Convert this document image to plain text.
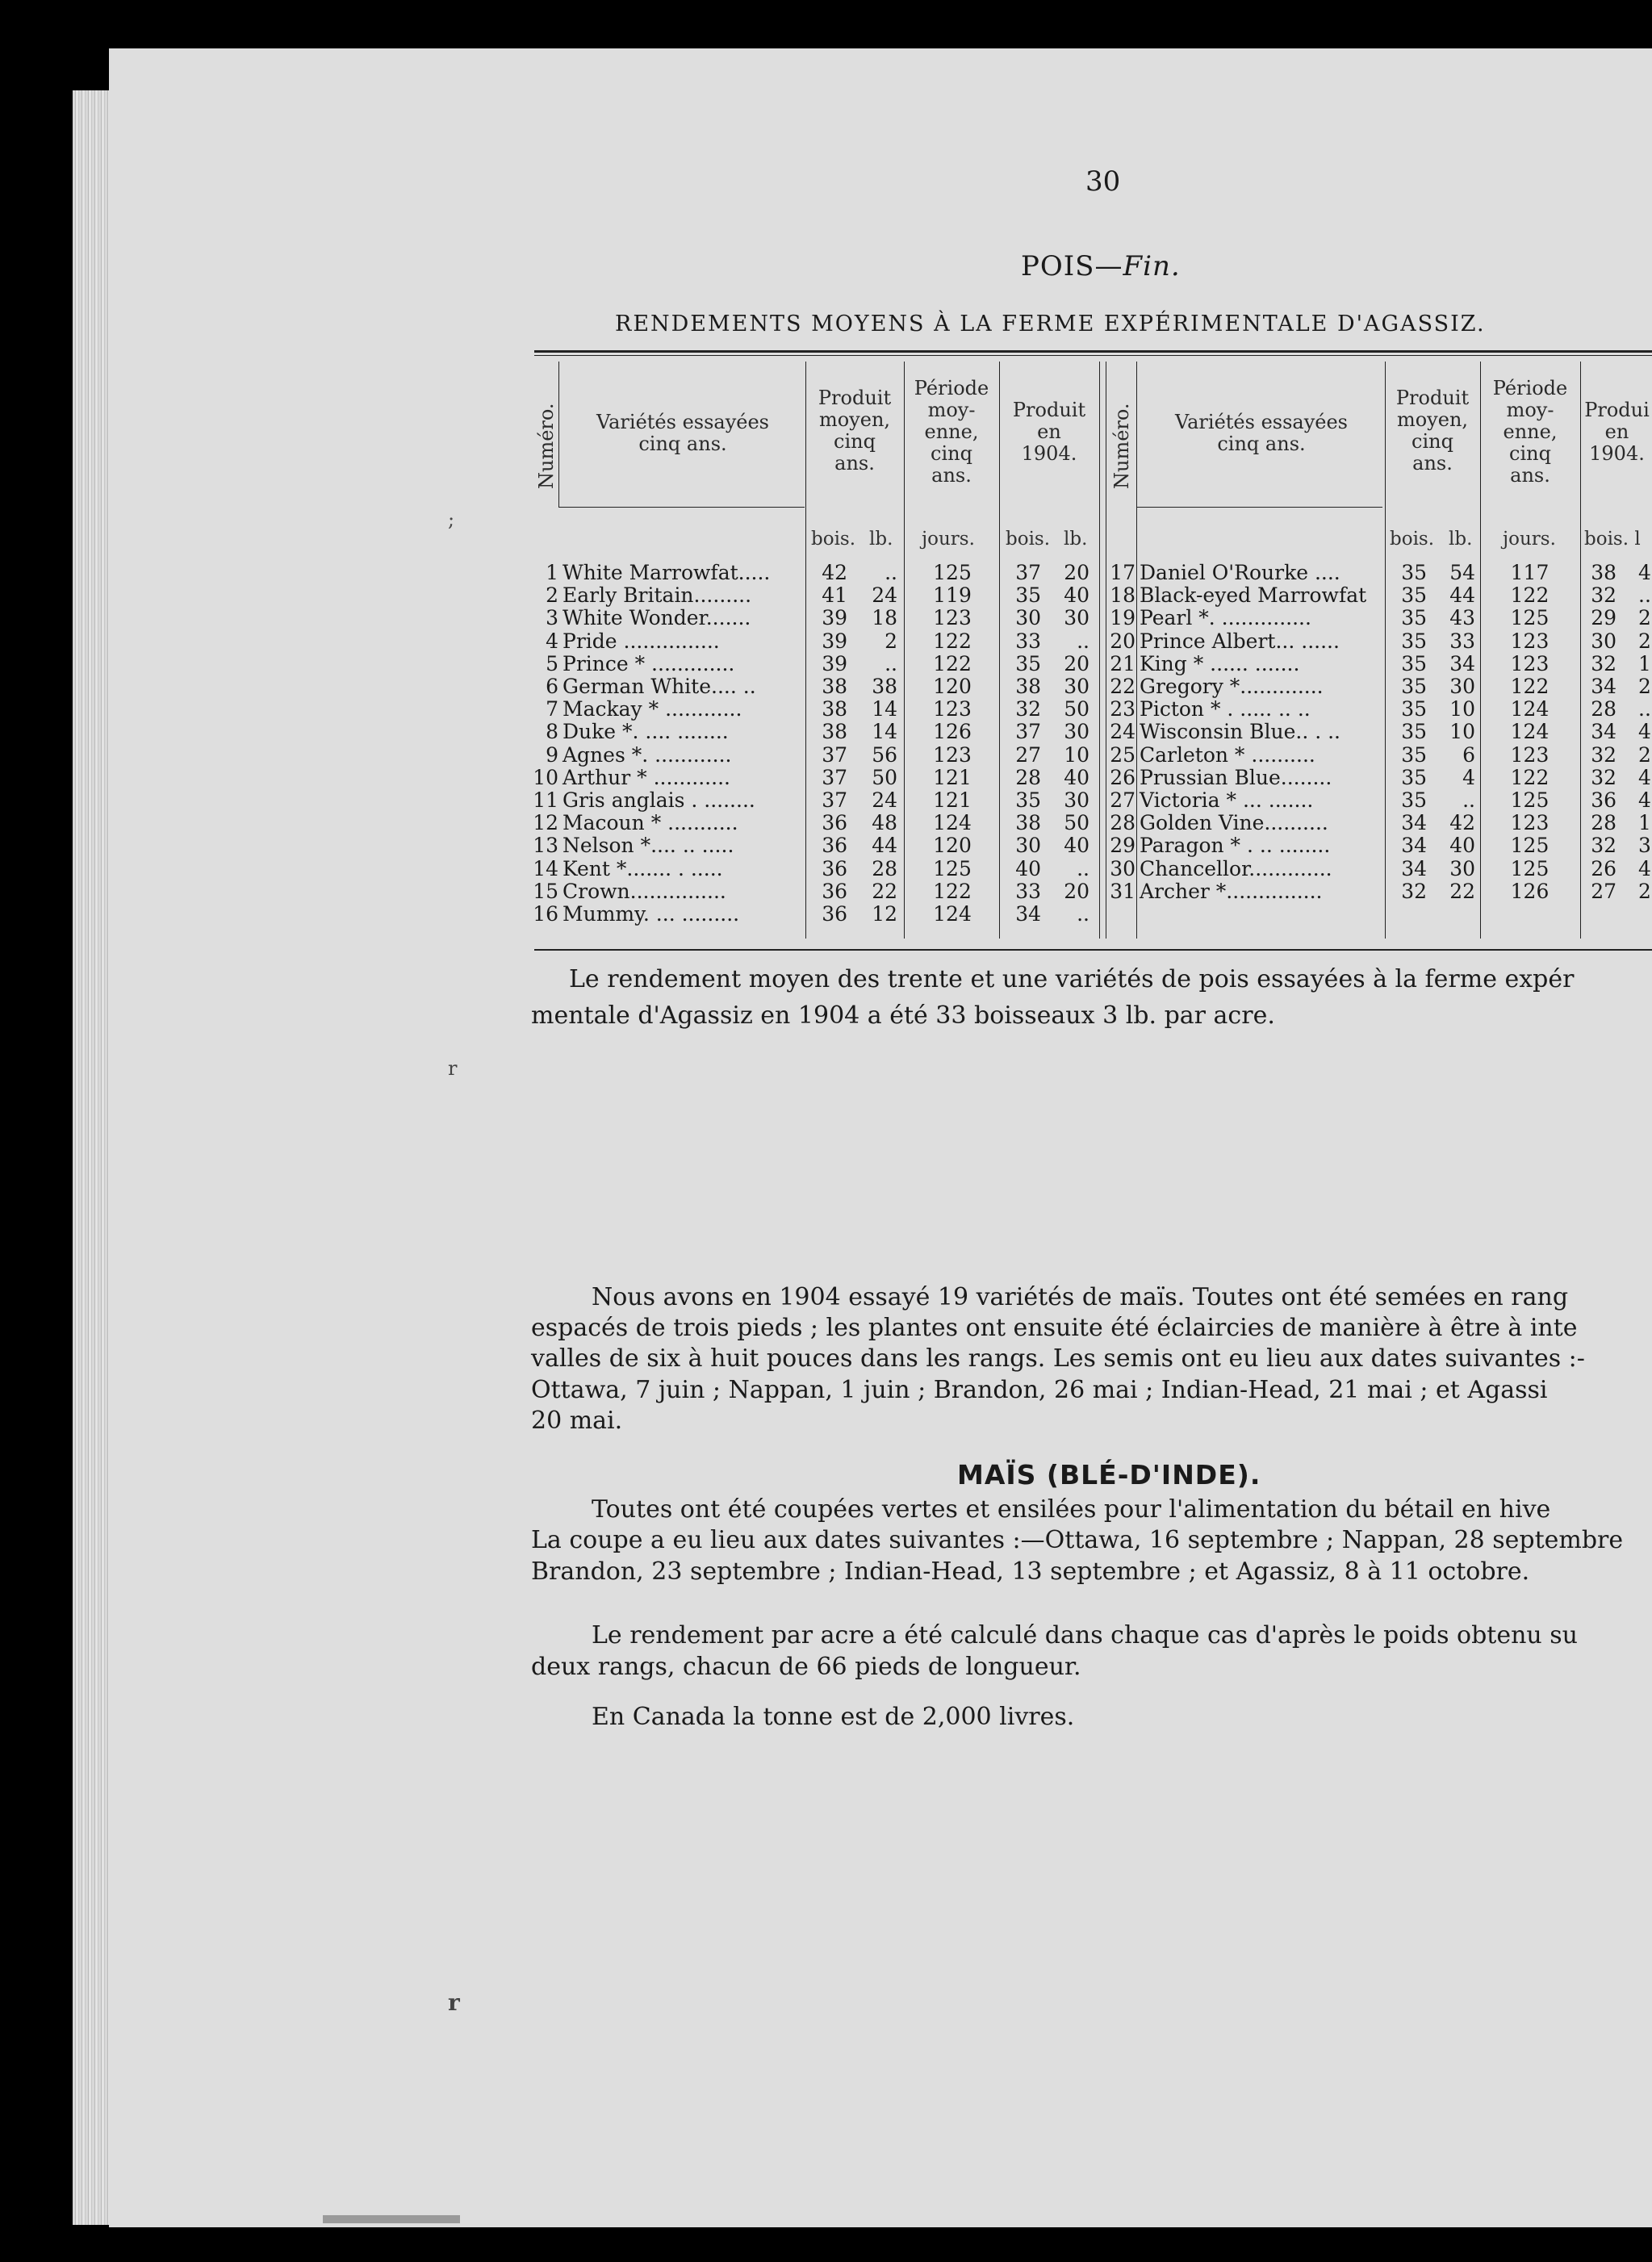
30
POIS—Fin.
RENDEMENTS MOYENS À LA FERME EXPÉRIMENTALE D'AGASSIZ.
Numéro.	Variétés essayées
cinq ans.
Produit
moyen,
cinq
ans.
Période
moy-
enne,
cinq
ans.
Produit
en
1904.	Numéro.	Variétés essayées
cinq ans.
Produit
moyen,
cinq
ans.
Période
moy-
enne,
cinq
ans.
Produi
en
1904.
bois. lb. jours. bois. lb.	bois. lb. jours. bois. l
1 White Marrowfat.....	42	..	125	37	20
2 Early Britain.........	41	24	119	35	40
3 White Wonder.......	39	18	123	30	30
4 Pride ...............	39	2	122	33	..
5 Prince * .............	39	..	122	35	20
6 German White.... ..	38	38	120	38	30
7 Mackay * ............	38	14	123	32	50
8 Duke *. .... ........	38	14	126	37	30
9 Agnes *. ............	37	56	123	27	10
10 Arthur * ............	37	50	121	28	40
11 Gris anglais . ........	37	24	121	35	30
12 Macoun * ...........	36	48	124	38	50
13 Nelson *.... .. .....	36	44	120	30	40
14 Kent *....... . .....	36	28	125	40	..
15 Crown...............	36	22	122	33	20
16 Mummy. ... .........	36	12	124	34	..
17 Daniel O'Rourke ....	35	54	117	38 4
18 Black-eyed Marrowfat	35	44	122	32 ..
19 Pearl *. ..............	35	43	125	29 2
20 Prince Albert... ......	35	33	123	30 2
21 King * ...... .......	35	34	123	32 1
22 Gregory *.............	35	30	122	34 2
23 Picton * . ..... .. ..	35	10	124	28 ..
24 Wisconsin Blue.. . ..	35	10	124	34 4
25 Carleton * ..........	35	6	123	32 2
26 Prussian Blue........	35	4	122	32 4
27 Victoria * ... .......	35	..	125	36 4
28 Golden Vine..........	34	42	123	28 1
29 Paragon * . .. ........	34	40	125	32 3
30 Chancellor.............	34	30	125	26 4
31 Archer *...............	32	22	126	27 2
Le rendement moyen des trente et une variétés de pois essayées à la ferme expér
mentale d'Agassiz en 1904 a été 33 boisseaux 3 lb. par acre.
MAÏS (BLÉ-D'INDE).
Nous avons en 1904 essayé 19 variétés de maïs. Toutes ont été semées en rang
espacés de trois pieds ; les plantes ont ensuite été éclaircies de manière à être à inte
valles de six à huit pouces dans les rangs. Les semis ont eu lieu aux dates suivantes :-
Ottawa, 7 juin ; Nappan, 1 juin ; Brandon, 26 mai ; Indian-Head, 21 mai ; et Agassi
20 mai.
Toutes ont été coupées vertes et ensilées pour l'alimentation du bétail en hive
La coupe a eu lieu aux dates suivantes :—Ottawa, 16 septembre ; Nappan, 28 septembre
Brandon, 23 septembre ; Indian-Head, 13 septembre ; et Agassiz, 8 à 11 octobre.
Le rendement par acre a été calculé dans chaque cas d'après le poids obtenu su
deux rangs, chacun de 66 pieds de longueur.
En Canada la tonne est de 2,000 livres.
;
r
r
